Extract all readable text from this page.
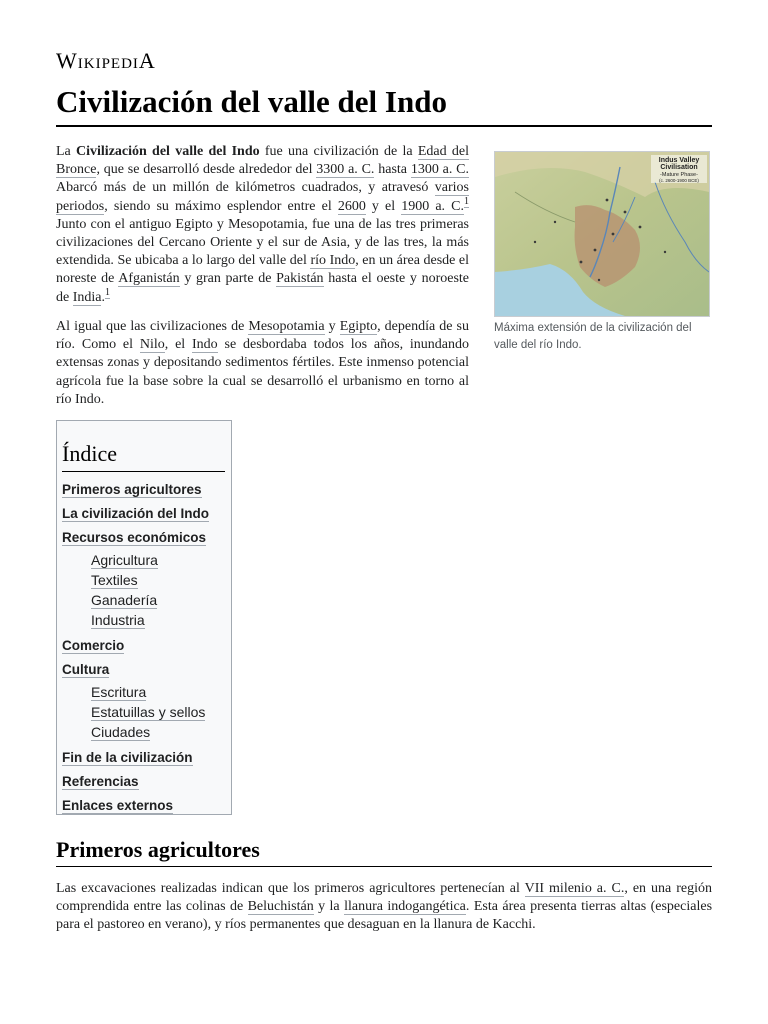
WikipediA
Civilización del valle del Indo

La Civilización del valle del Indo fue una civilización de la Edad del Bronce, que se desarrolló desde alrededor del 3300 a. C. hasta 1300 a. C. Abarcó más de un millón de kilómetros cuadrados, y atravesó varios periodos, siendo su máximo esplendor entre el 2600 y el 1900 a. C.$^1$ Junto con el antiguo Egipto y Mesopotamia, fue una de las tres primeras civilizaciones del Cercano Oriente y el sur de Asia, y de las tres, la más extendida. Se ubicaba a lo largo del valle del río Indo, en un área desde el noreste de Afganistán y gran parte de Pakistán hasta el oeste y noroeste de India.$^1$

Al igual que las civilizaciones de Mesopotamia y Egipto, dependía de su río. Como el Nilo, el Indo se desbordaba todos los años, inundando extensas zonas y depositando sedimentos fértiles. Este inmenso potencial agrícola fue la base sobre la cual se desarrolló el urbanismo en torno al río Indo.

Indus Valley
Civilisation
-Mature Phase-
(c. 2600-1900 BCE)
Máxima extensión de la civilización del valle del río Indo.
Índice
Primeros agricultores
La civilización del Indo
Recursos económicos
Agricultura
Textiles
Ganadería
Industria
Comercio
Cultura
Escritura
Estatuillas y sellos
Ciudades
Fin de la civilización
Referencias
Enlaces externos
Primeros agricultores

Las excavaciones realizadas indican que los primeros agricultores pertenecían al VII milenio a. C., en una región comprendida entre las colinas de Beluchistán y la llanura indogangética. Esta área presenta tierras altas (especiales para el pastoreo en verano), y ríos permanentes que desaguan en la llanura de Kacchi.
